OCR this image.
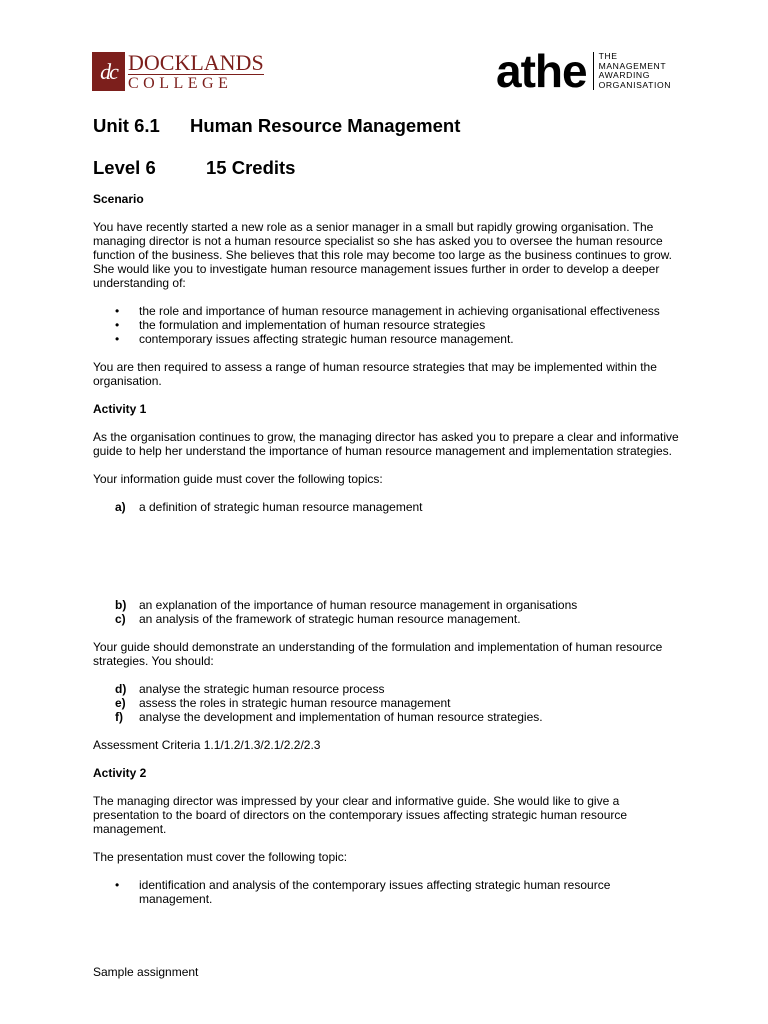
dc DOCKLANDS
COLLEGE	athe THE
MANAGEMENT
AWARDING
ORGANISATION
Unit 6.1 Human Resource Management
Level 6	15 Credits
Scenario

You have recently started a new role as a senior manager in a small but rapidly growing organisation. The managing director is not a human resource specialist so she has asked you to oversee the human resource function of the business. She believes that this role may become too large as the business continues to grow. She would like you to investigate human resource management issues further in order to develop a deeper understanding of:

• the role and importance of human resource management in achieving organisational effectiveness
• the formulation and implementation of human resource strategies
• contemporary issues affecting strategic human resource management.

You are then required to assess a range of human resource strategies that may be implemented within the organisation.

Activity 1

As the organisation continues to grow, the managing director has asked you to prepare a clear and informative guide to help her understand the importance of human resource management and implementation strategies.

Your information guide must cover the following topics:

a) a definition of strategic human resource management
b) an explanation of the importance of human resource management in organisations
c) an analysis of the framework of strategic human resource management.

Your guide should demonstrate an understanding of the formulation and implementation of human resource strategies. You should:

d) analyse the strategic human resource process
e) assess the roles in strategic human resource management
f) analyse the development and implementation of human resource strategies.

Assessment Criteria 1.1/1.2/1.3/2.1/2.2/2.3

Activity 2

The managing director was impressed by your clear and informative guide. She would like to give a presentation to the board of directors on the contemporary issues affecting strategic human resource management.

The presentation must cover the following topic:

• identification and analysis of the contemporary issues affecting strategic human resource management.
Sample assignment
